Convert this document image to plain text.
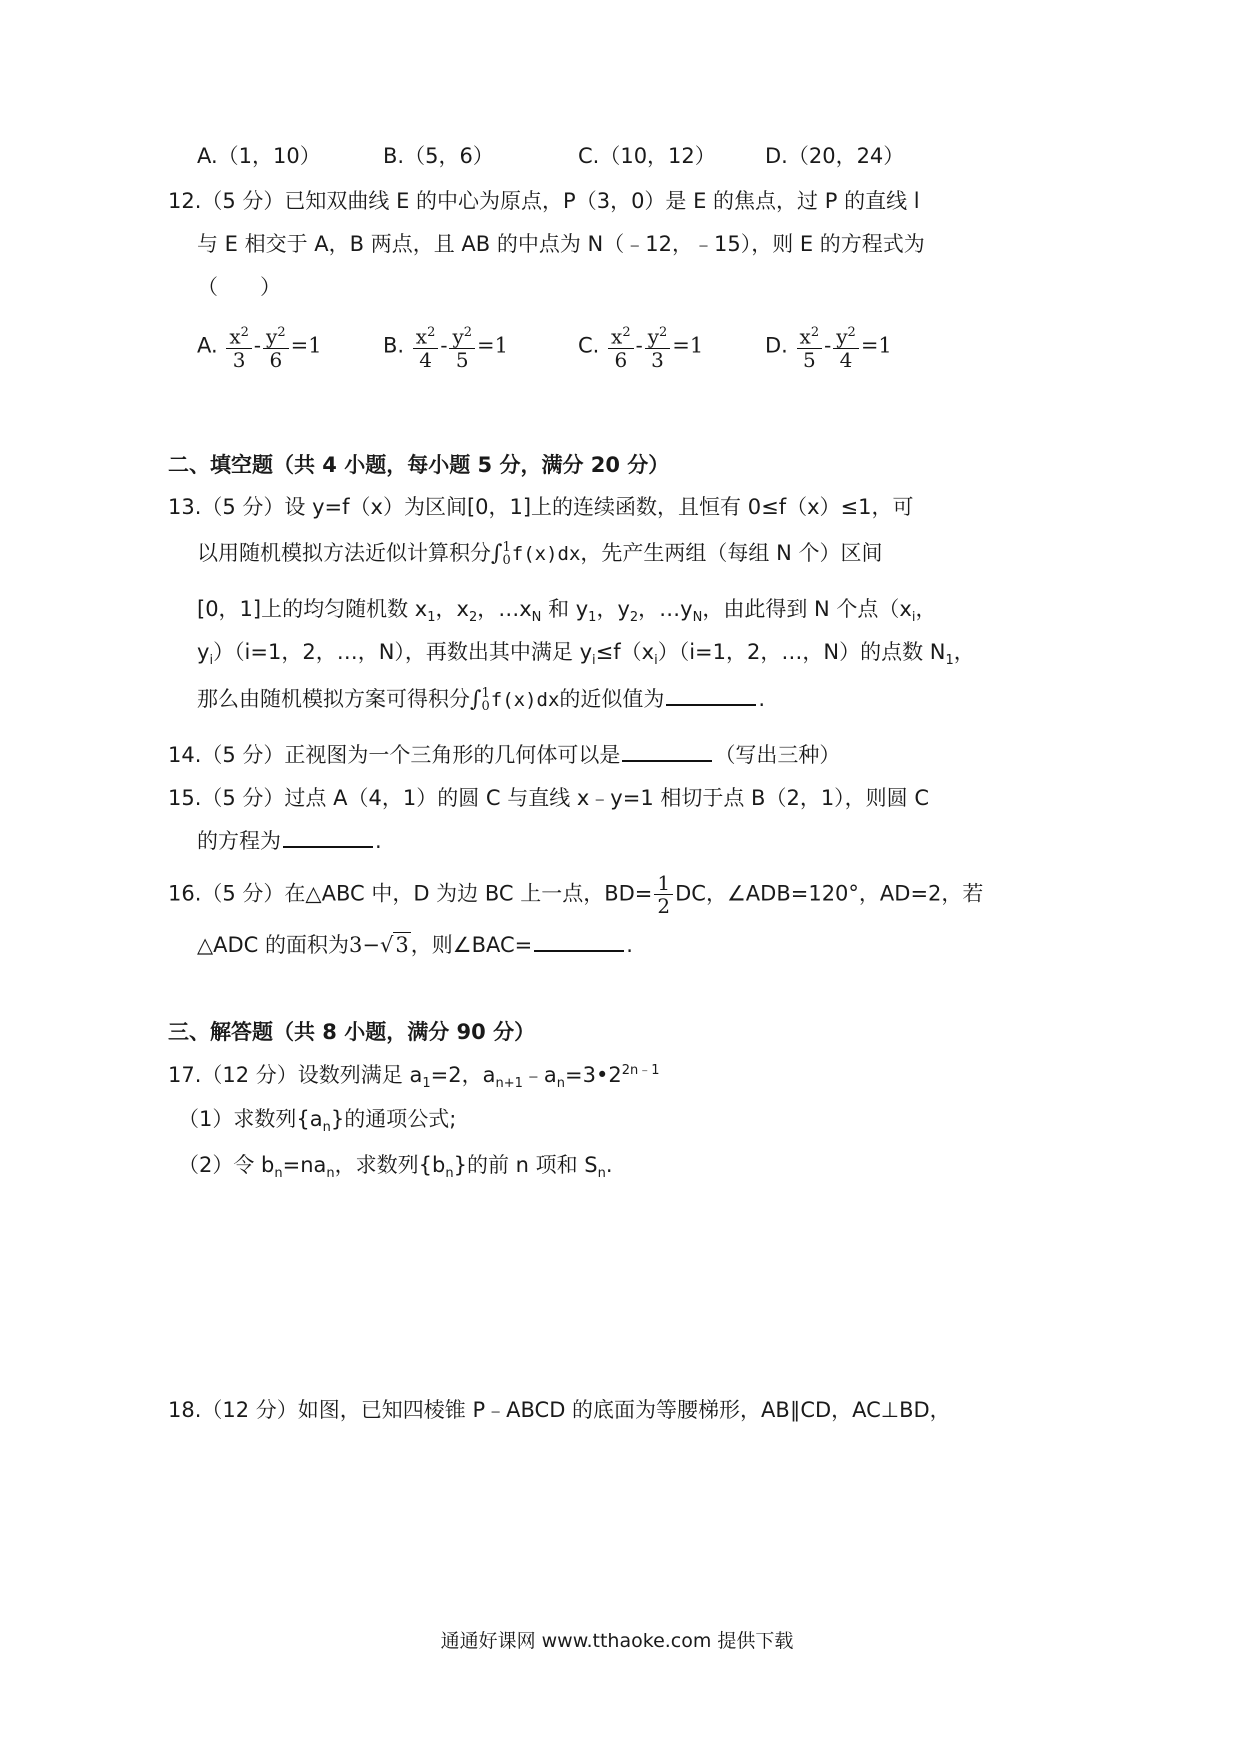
A.（1，10）	B.（5，6）	C.（10，12） D.（20，24）
12.（5 分）已知双曲线 E 的中心为原点，P（3，0）是 E 的焦点，过 P 的直线 l
与 E 相交于 A，B 两点，且 AB 的中点为 N（﹣12，﹣15），则 E 的方程式为
（　　）
A. $\frac{x^2}{3} - \frac{y^2}{6} =1$	B. $\frac{x^2}{4} - \frac{y^2}{5} =1$	C. $\frac{x^2}{6} - \frac{y^2}{3} =1$	D. $\frac{x^2}{5} - \frac{y^2}{4} =1$
二、填空题（共 4 小题，每小题 5 分，满分 20 分）
13.（5 分）设 y=f（x）为区间[0，1]上的连续函数，且恒有 0≤f（x）≤1，可
以用随机模拟方法近似计算积分∫ 1
0 f(x)dx，先产生两组（每组 N 个）区间
[0，1]上的均匀随机数 $x_1$，$x_2$，$\dots x_N$ 和 $y_1$，$y_2$，$\dots y_N$，由此得到 N 个点（$x_i$，
$y_i)(i=1$，2，…，N），再数出其中满足 $y_i\le f(x_i)(i=1$，2，…，N）的点数 $N_1$，
那么由随机模拟方案可得积分∫ 1
0 f(x)dx的近似值为	.
14.（5 分）正视图为一个三角形的几何体可以是	（写出三种）
15.（5 分）过点 A（4，1）的圆 C 与直线 x﹣y=1 相切于点 B（2，1），则圆 C
的方程为	.
16.（5 分）在△ABC 中，D 为边 BC 上一点，$BD= \frac{1}{2}$ DC，∠ADB=120°，AD=2，若
△ADC 的面积为3−√3，则∠BAC=	.
三、解答题（共 8 小题，满分 90 分）
17.（12 分）设数列满足 $a_1=2$，$a_{n+1}﹣a_n=3•2^{2n﹣1}$
（1）求数列$\{a_n\}$的通项公式;
（2）令 $b_n=na_n$，求数列$\{b_n\}$的前 n 项和 $S_n$.
18.（12 分）如图，已知四棱锥 P﹣ABCD 的底面为等腰梯形，AB∥CD，AC⊥BD，
通通好课网 www.tthaoke.com 提供下载
